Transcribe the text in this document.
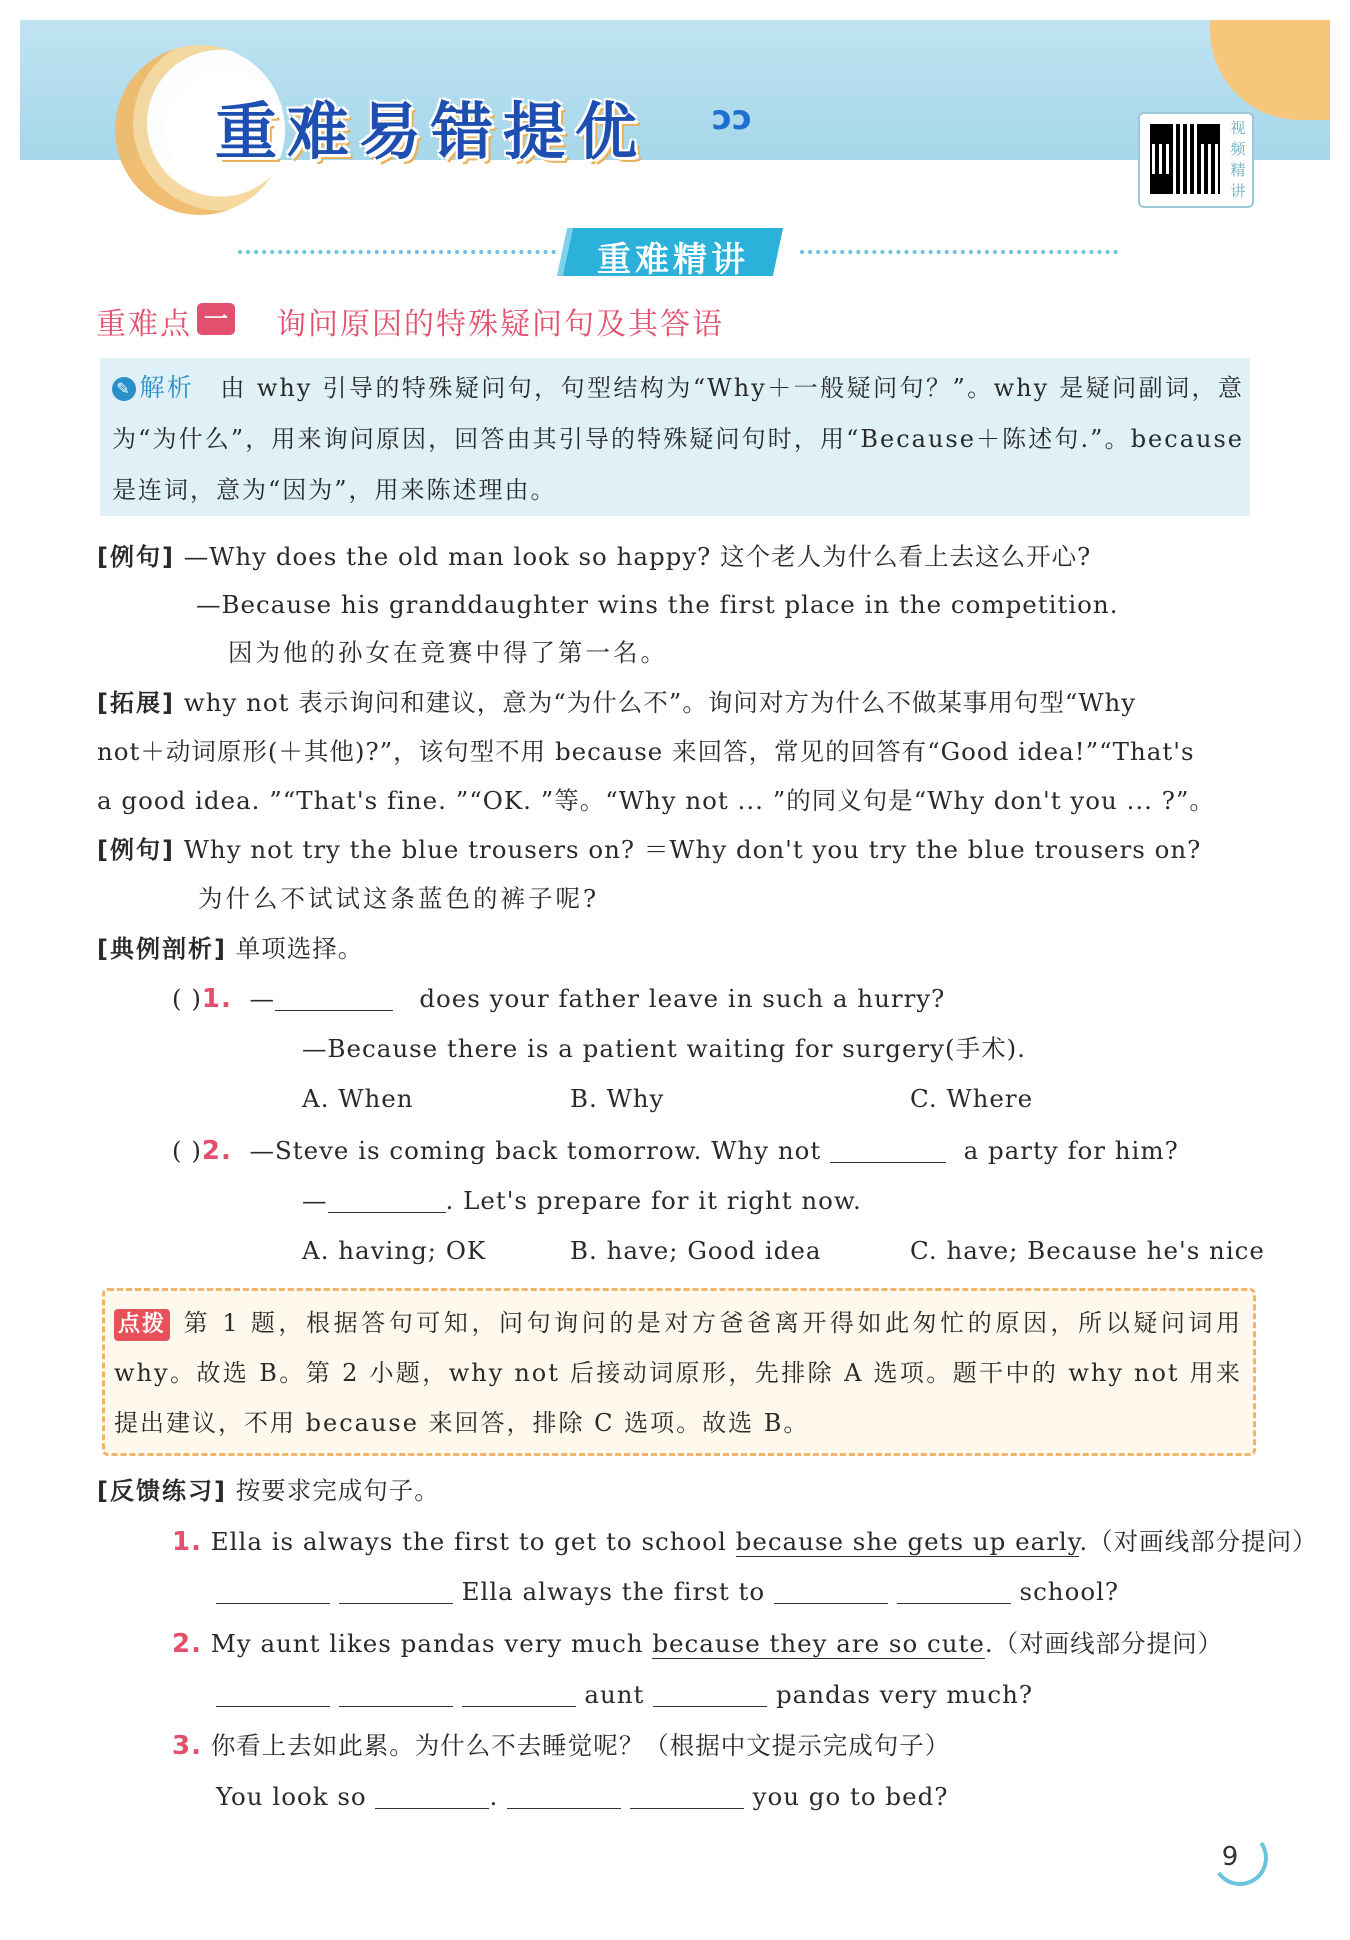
重难易错提优 ↄↄ	视频精讲
重难精讲
重难点 一 询问原因的特殊疑问句及其答语
✎ 解析 由 why 引导的特殊疑问句，句型结构为“Why＋一般疑问句？”。why 是疑问副词，意为“为什么”，用来询问原因，回答由其引导的特殊疑问句时，用“Because＋陈述句.”。because 是连词，意为“因为”，用来陈述理由。
[例句] —Why does the old man look so happy? 这个老人为什么看上去这么开心?
—Because his granddaughter wins the first place in the competition.
因为他的孙女在竞赛中得了第一名。
[拓展] why not 表示询问和建议，意为“为什么不”。询问对方为什么不做某事用句型“Why
not＋动词原形(＋其他)?”，该句型不用 because 来回答，常见的回答有“Good idea!”“That's
a good idea. ”“That's fine. ”“OK. ”等。“Why not ... ”的同义句是“Why don't you ... ?”。
[例句] Why not try the blue trousers on? ＝Why don't you try the blue trousers on?
为什么不试试这条蓝色的裤子呢?
[典例剖析] 单项选择。
( )1. —	does your father leave in such a hurry?
—Because there is a patient waiting for surgery(手术).
A. When	B. Why	C. Where
( )2. —Steve is coming back tomorrow. Why not	a party for him?
—	. Let's prepare for it right now.
A. having; OK	B. have; Good idea	C. have; Because he's nice
点拨 第 1 题，根据答句可知，问句询问的是对方爸爸离开得如此匆忙的原因，所以疑问词用 why。故选 B。第 2 小题，why not 后接动词原形，先排除 A 选项。题干中的 why not 用来提出建议，不用 because 来回答，排除 C 选项。故选 B。
[反馈练习] 按要求完成句子。
1. Ella is always the first to get to school because she gets up early.（对画线部分提问）
Ella always the first to	school?
2. My aunt likes pandas very much because they are so cute.（对画线部分提问）
aunt	pandas very much?
3. 你看上去如此累。为什么不去睡觉呢？（根据中文提示完成句子）
You look so	.	you go to bed?
9
